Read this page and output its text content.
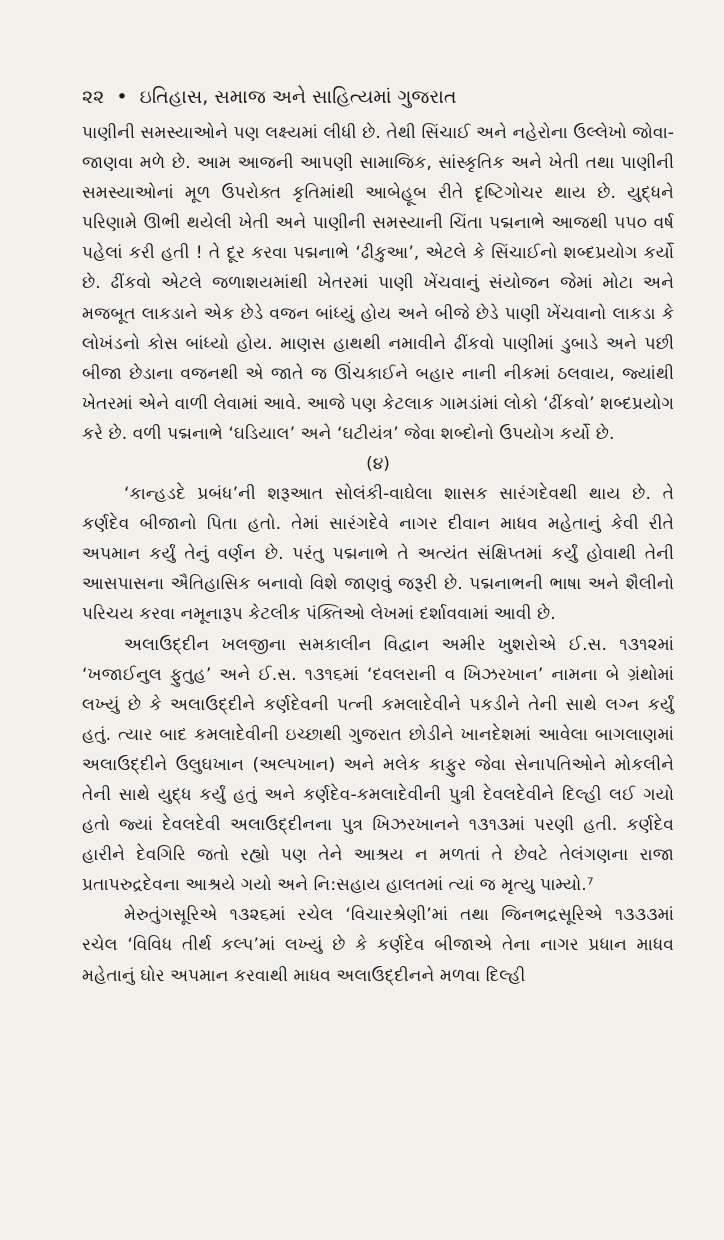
૨૨ • ઇતિહાસ, સમાજ અને સાહિત્યમાં ગુજરાત

પાણીની સમસ્યાઓને પણ લક્ષ્યમાં લીધી છે. તેથી સિંચાઈ અને નહેરોના ઉલ્લેખો જોવા-જાણવા મળે છે. આમ આજની આપણી સામાજિક, સાંસ્કૃતિક અને ખેતી તથા પાણીની સમસ્યાઓનાં મૂળ ઉપરોક્ત કૃતિમાંથી આબેહૂબ રીતે દૃષ્ટિગોચર થાય છે. યુદ્ધને પરિણામે ઊભી થયેલી ખેતી અને પાણીની સમસ્યાની ચિંતા પદ્મનાભે આજથી ૫૫૦ વર્ષ પહેલાં કરી હતી ! તે દૂર કરવા પદ્મનાભે ‘ઢીકુઆ’, એટલે કે સિંચાઈનો શબ્દપ્રયોગ કર્યો છે. ઢીંકવો એટલે જળાશયમાંથી ખેતરમાં પાણી ખેંચવાનું સંયોજન જેમાં મોટા અને મજબૂત લાકડાને એક છેડે વજન બાંધ્યું હોય અને બીજે છેડે પાણી ખેંચવાનો લાકડા કે લોખંડનો કોસ બાંધ્યો હોય. માણસ હાથથી નમાવીને ઢીંકવો પાણીમાં ડુબાડે અને પછી બીજા છેડાના વજનથી એ જાતે જ ઊંચકાઈને બહાર નાની નીકમાં ઠલવાય, જ્યાંથી ખેતરમાં એને વાળી લેવામાં આવે. આજે પણ કેટલાક ગામડાંમાં લોકો ‘ઢીંકવો’ શબ્દપ્રયોગ કરે છે. વળી પદ્મનાભે ‘ઘડિયાલ’ અને ‘ઘટીયંત્ર’ જેવા શબ્દોનો ઉપયોગ કર્યો છે.

(૪)

‘કાન્હડદે પ્રબંધ’ની શરૂઆત સોલંકી-વાઘેલા શાસક સારંગદેવથી થાય છે. તે કર્ણદેવ બીજાનો પિતા હતો. તેમાં સારંગદેવે નાગર દીવાન માધવ મહેતાનું કેવી રીતે અપમાન કર્યું તેનું વર્ણન છે. પરંતુ પદ્મનાભે તે અત્યંત સંક્ષિપ્તમાં કર્યું હોવાથી તેની આસપાસના ઐતિહાસિક બનાવો વિશે જાણવું જરૂરી છે. પદ્મનાભની ભાષા અને શૈલીનો પરિચય કરવા નમૂનારૂપ કેટલીક પંક્તિઓ લેખમાં દર્શાવવામાં આવી છે.

અલાઉદ્દીન ખલજીના સમકાલીન વિદ્વાન અમીર ખુશરોએ ઈ.સ. ૧૩૧૨માં ‘ખજાઈનુલ ફુતુહ’ અને ઈ.સ. ૧૩૧૬માં ‘દવલરાની વ ખિઝરખાન’ નામના બે ગ્રંથોમાં લખ્યું છે કે અલાઉદ્દીને કર્ણદેવની પત્ની કમલાદેવીને પકડીને તેની સાથે લગ્ન કર્યું હતું. ત્યાર બાદ કમલાદેવીની ઇચ્છાથી ગુજરાત છોડીને ખાનદેશમાં આવેલા બાગલાણમાં અલાઉદ્દીને ઉલુઘખાન (અલ્પખાન) અને મલેક કાફુર જેવા સેનાપતિઓને મોકલીને તેની સાથે યુદ્ધ કર્યું હતું અને કર્ણદેવ-કમલાદેવીની પુત્રી દેવલદેવીને દિલ્હી લઈ ગયો હતો જ્યાં દેવલદેવી અલાઉદ્દીનના પુત્ર ખિઝરખાનને ૧૩૧૩માં પરણી હતી. કર્ણદેવ હારીને દેવગિરિ જતો રહ્યો પણ તેને આશ્રય ન મળતાં તે છેવટે તેલંગણના રાજા પ્રતાપરુદ્રદેવના આશ્રયે ગયો અને નિ:સહાય હાલતમાં ત્યાં જ મૃત્યુ પામ્યો.⁷

મેરુતુંગસૂરિએ ૧૩૨૬માં રચેલ ‘વિચારશ્રેણી’માં તથા જિનભદ્રસૂરિએ ૧૩૩૩માં રચેલ ‘વિવિધ તીર્થ કલ્પ’માં લખ્યું છે કે કર્ણદેવ બીજાએ તેના નાગર પ્રધાન માધવ મહેતાનું ઘોર અપમાન કરવાથી માધવ અલાઉદ્દીનને મળવા દિલ્હી
